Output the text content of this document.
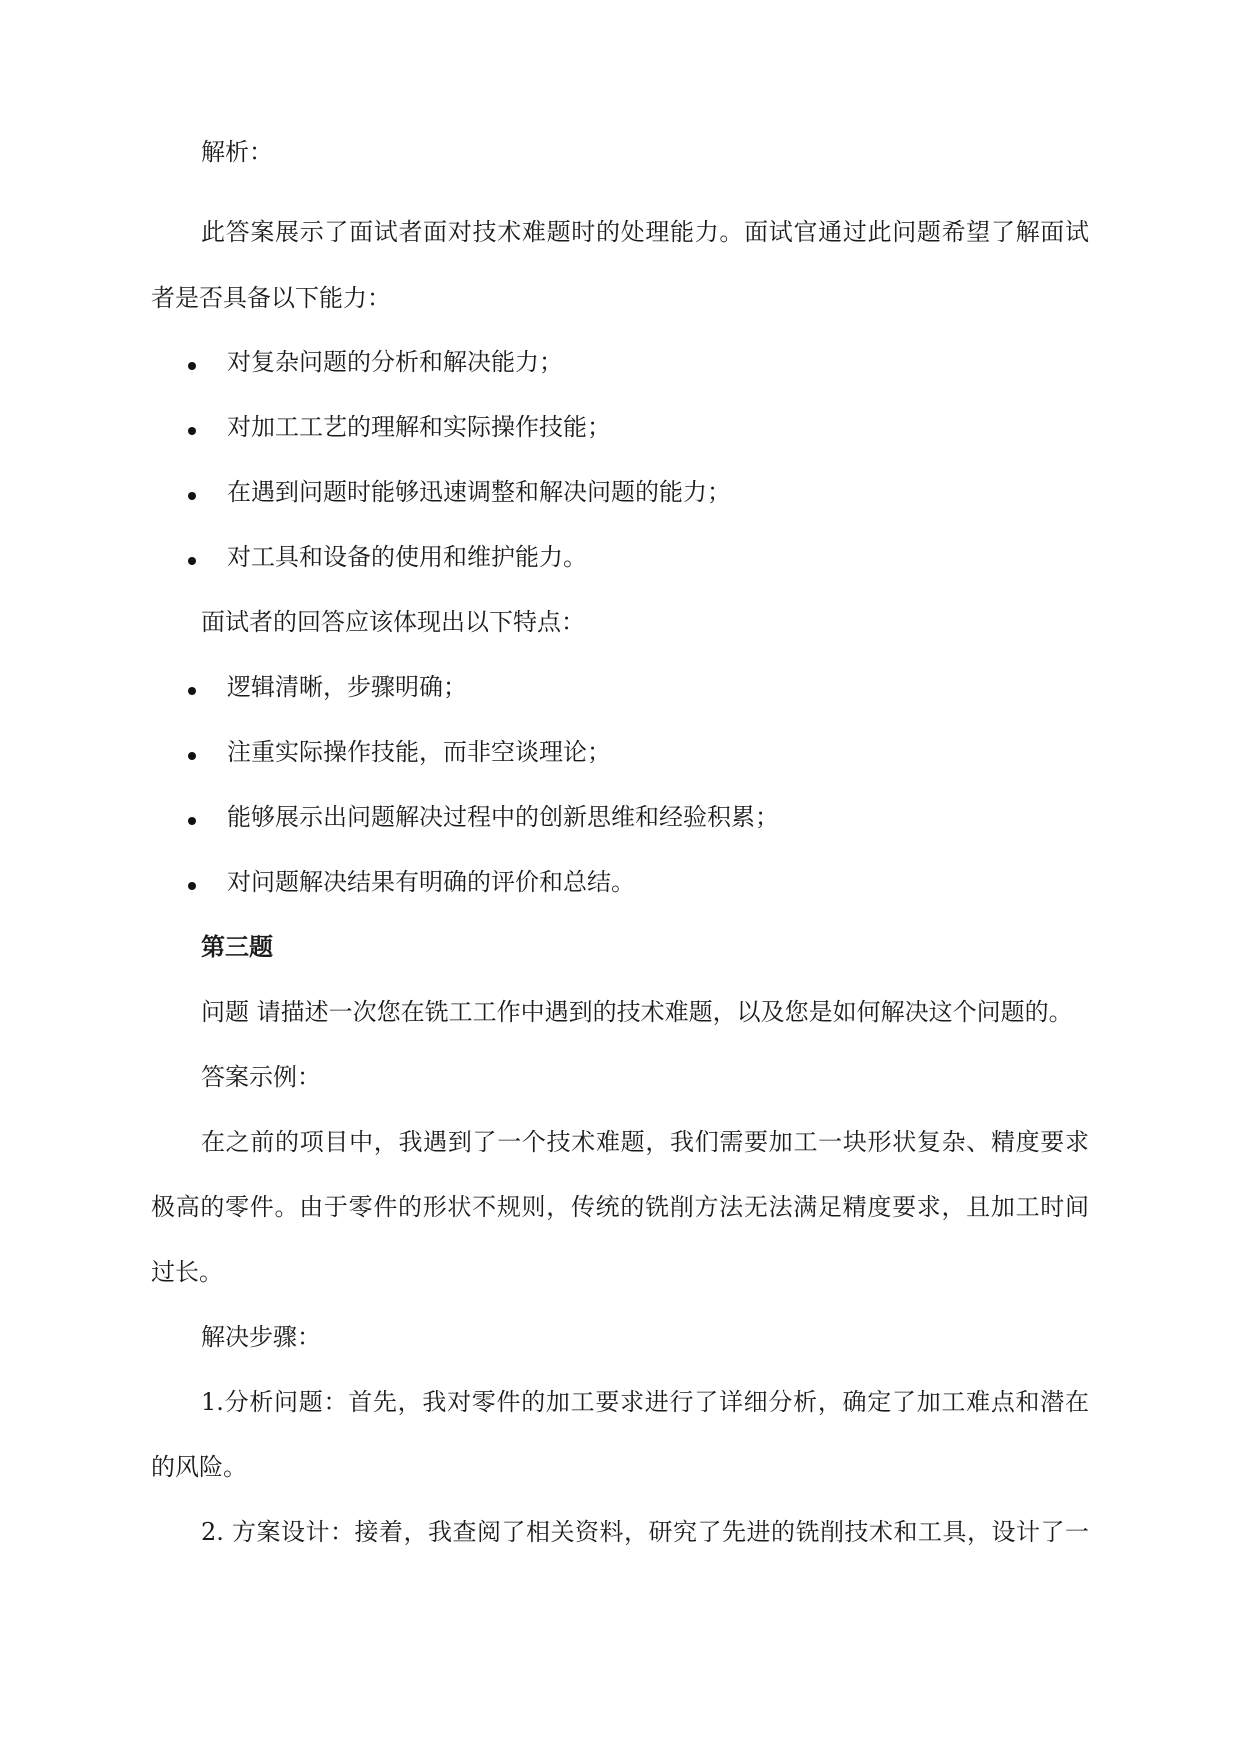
解析：
此答案展示了面试者面对技术难题时的处理能力。面试官通过此问题希望了解面试
者是否具备以下能力：
对复杂问题的分析和解决能力；
对加工工艺的理解和实际操作技能；
在遇到问题时能够迅速调整和解决问题的能力；
对工具和设备的使用和维护能力。
面试者的回答应该体现出以下特点：
逻辑清晰，步骤明确；
注重实际操作技能，而非空谈理论；
能够展示出问题解决过程中的创新思维和经验积累；
对问题解决结果有明确的评价和总结。
第三题
问题 请描述一次您在铣工工作中遇到的技术难题，以及您是如何解决这个问题的。
答案示例：
在之前的项目中，我遇到了一个技术难题，我们需要加工一块形状复杂、精度要求
极高的零件。由于零件的形状不规则，传统的铣削方法无法满足精度要求，且加工时间
过长。
解决步骤：
1.分析问题：首先，我对零件的加工要求进行了详细分析，确定了加工难点和潜在
的风险。
2. 方案设计：接着，我查阅了相关资料，研究了先进的铣削技术和工具，设计了一
